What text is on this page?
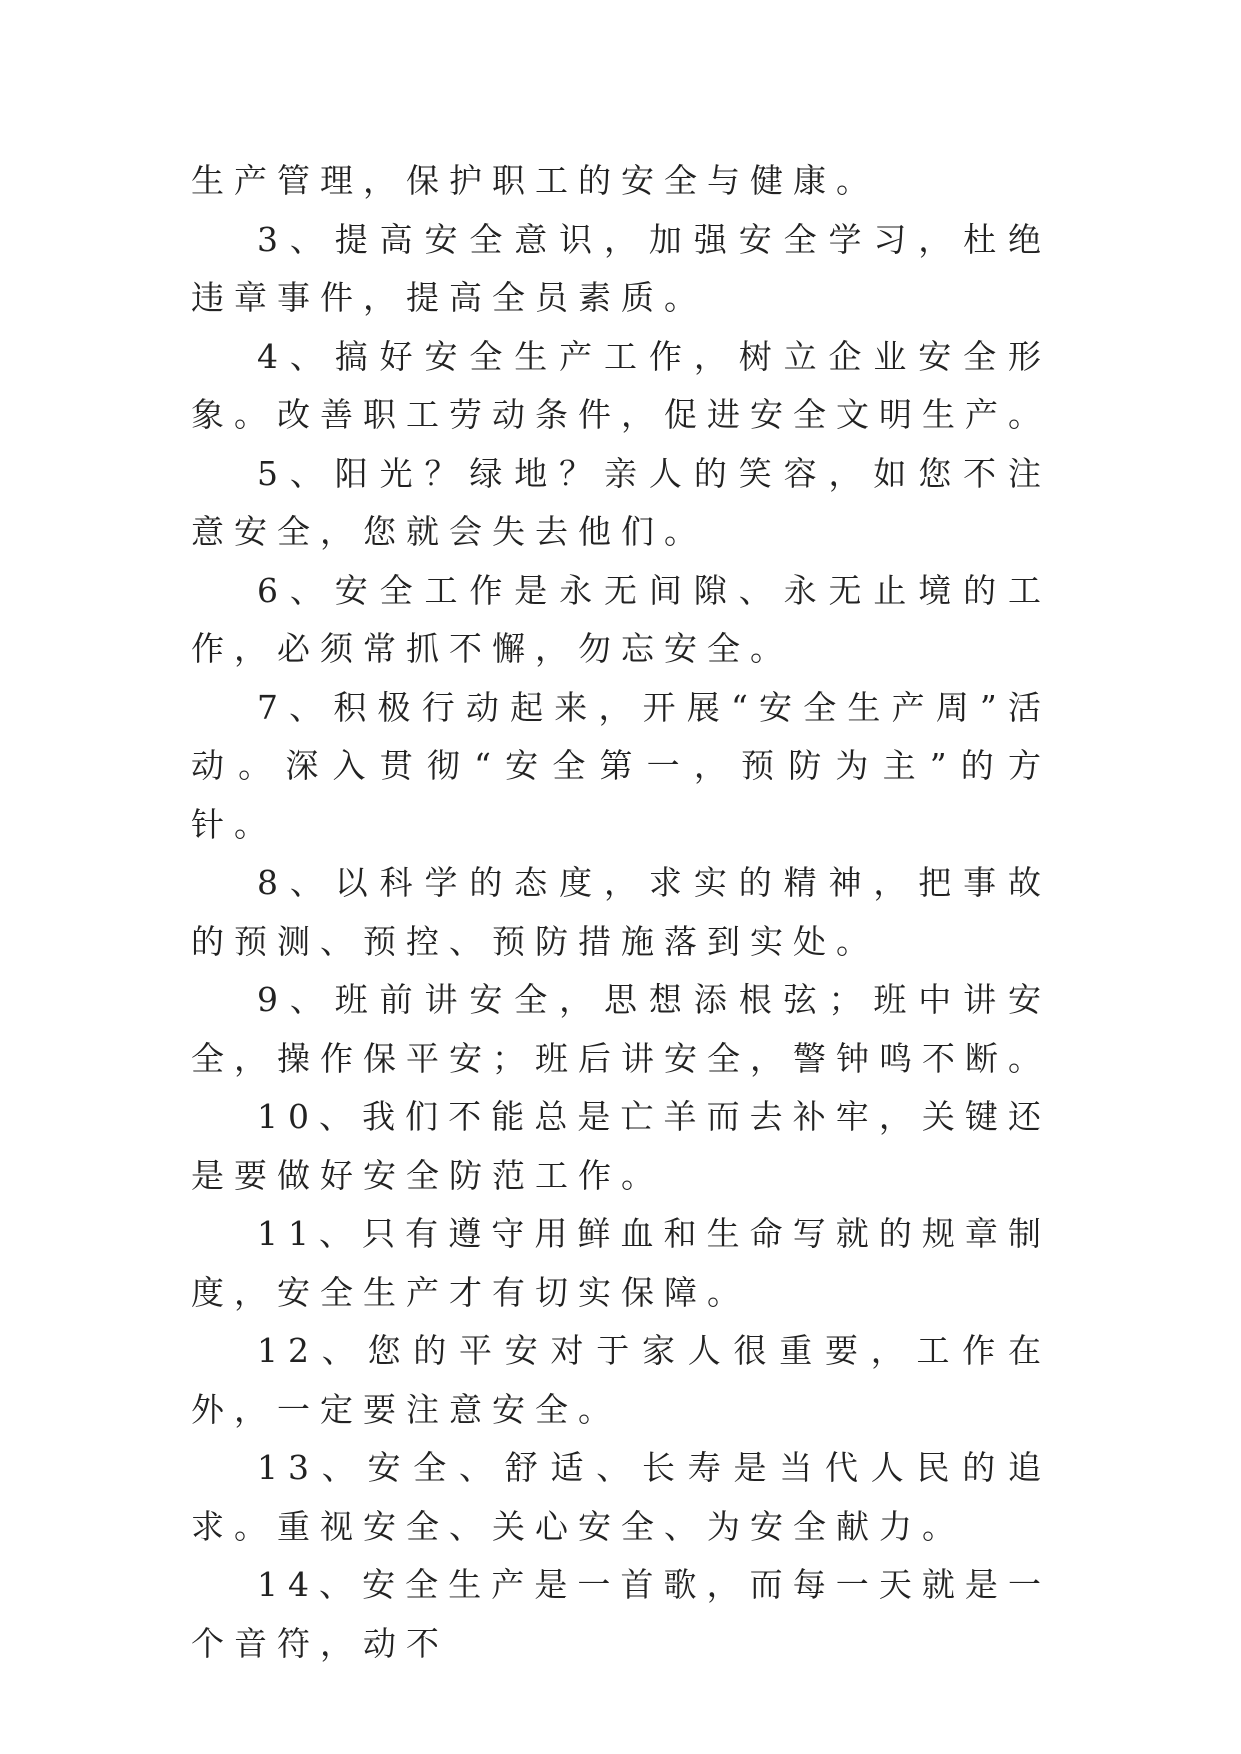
生产管理，保护职工的安全与健康。

3、提高安全意识，加强安全学习，杜绝违章事件，提高全员素质。

4、搞好安全生产工作，树立企业安全形象。改善职工劳动条件，促进安全文明生产。

5、阳光？绿地？亲人的笑容，如您不注意安全，您就会失去他们。

6、安全工作是永无间隙、永无止境的工作，必须常抓不懈，勿忘安全。

7、积极行动起来，开展“安全生产周”活动。深入贯彻“安全第一，预防为主”的方针。

8、以科学的态度，求实的精神，把事故的预测、预控、预防措施落到实处。

9、班前讲安全，思想添根弦；班中讲安全，操作保平安；班后讲安全，警钟鸣不断。

10、我们不能总是亡羊而去补牢，关键还是要做好安全防范工作。

11、只有遵守用鲜血和生命写就的规章制度，安全生产才有切实保障。

12、您的平安对于家人很重要，工作在外，一定要注意安全。

13、安全、舒适、长寿是当代人民的追求。重视安全、关心安全、为安全献力。

14、安全生产是一首歌，而每一天就是一个音符，动不
